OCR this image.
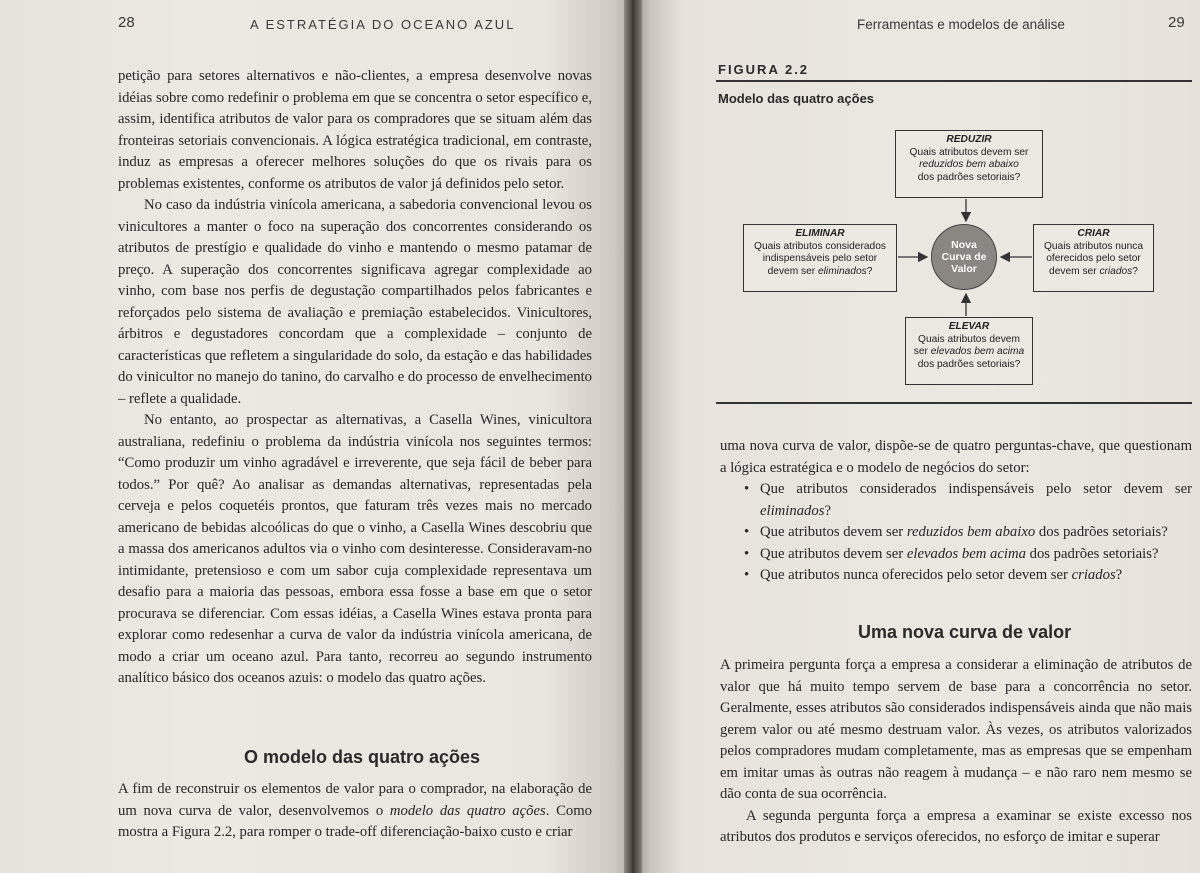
28	A ESTRATÉGIA DO OCEANO AZUL

petição para setores alternativos e não-clientes, a empresa desenvolve novas idéias sobre como redefinir o problema em que se concentra o setor específico e, assim, identifica atributos de valor para os compradores que se situam além das fronteiras setoriais convencionais. A lógica estratégica tradicional, em contraste, induz as empresas a oferecer melhores soluções do que os rivais para os problemas existentes, conforme os atributos de valor já definidos pelo setor.

No caso da indústria vinícola americana, a sabedoria convencional levou os vinicultores a manter o foco na superação dos concorrentes considerando os atributos de prestígio e qualidade do vinho e mantendo o mesmo patamar de preço. A superação dos concorrentes significava agregar complexidade ao vinho, com base nos perfis de degustação compartilhados pelos fabricantes e reforçados pelo sistema de avaliação e premiação estabelecidos. Vinicultores, árbitros e degustadores concordam que a complexidade – conjunto de características que refletem a singularidade do solo, da estação e das habilidades do vinicultor no manejo do tanino, do carvalho e do processo de envelhecimento – reflete a qualidade.

No entanto, ao prospectar as alternativas, a Casella Wines, vinicultora australiana, redefiniu o problema da indústria vinícola nos seguintes termos: “Como produzir um vinho agradável e irreverente, que seja fácil de beber para todos.” Por quê? Ao analisar as demandas alternativas, representadas pela cerveja e pelos coquetéis prontos, que faturam três vezes mais no mercado americano de bebidas alcoólicas do que o vinho, a Casella Wines descobriu que a massa dos americanos adultos via o vinho com desinteresse. Consideravam-no intimidante, pretensioso e com um sabor cuja complexidade representava um desafio para a maioria das pessoas, embora essa fosse a base em que o setor procurava se diferenciar. Com essas idéias, a Casella Wines estava pronta para explorar como redesenhar a curva de valor da indústria vinícola americana, de modo a criar um oceano azul. Para tanto, recorreu ao segundo instrumento analítico básico dos oceanos azuis: o modelo das quatro ações.

O modelo das quatro ações

A fim de reconstruir os elementos de valor para o comprador, na elaboração de um nova curva de valor, desenvolvemos o modelo das quatro ações. Como mostra a Figura 2.2, para romper o trade-off diferenciação-baixo custo e criar

Ferramentas e modelos de análise	29
FIGURA 2.2
Modelo das quatro ações
REDUZIR
Quais atributos devem ser
reduzidos bem abaixo
dos padrões setoriais?
ELIMINAR
Quais atributos considerados
indispensáveis pelo setor
devem ser eliminados?
Nova Curva de Valor
CRIAR
Quais atributos nunca
oferecidos pelo setor
devem ser criados?
ELEVAR
Quais atributos devem
ser elevados bem acima
dos padrões setoriais?

uma nova curva de valor, dispõe-se de quatro perguntas-chave, que questionam a lógica estratégica e o modelo de negócios do setor:

• Que atributos considerados indispensáveis pelo setor devem ser eliminados?
• Que atributos devem ser reduzidos bem abaixo dos padrões setoriais?
• Que atributos devem ser elevados bem acima dos padrões setoriais?
• Que atributos nunca oferecidos pelo setor devem ser criados?
Uma nova curva de valor

A primeira pergunta força a empresa a considerar a eliminação de atributos de valor que há muito tempo servem de base para a concorrência no setor. Geralmente, esses atributos são considerados indispensáveis ainda que não mais gerem valor ou até mesmo destruam valor. Às vezes, os atributos valorizados pelos compradores mudam completamente, mas as empresas que se empenham em imitar umas às outras não reagem à mudança – e não raro nem mesmo se dão conta de sua ocorrência.

A segunda pergunta força a empresa a examinar se existe excesso nos atributos dos produtos e serviços oferecidos, no esforço de imitar e superar
